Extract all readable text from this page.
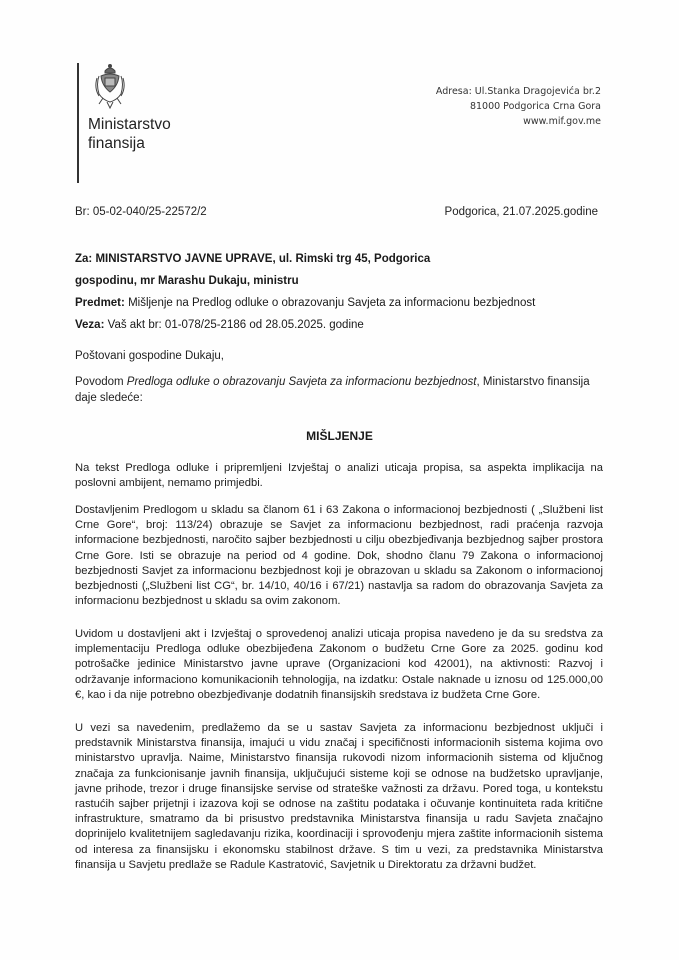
Ministarstvo
finansija
Adresa: Ul.Stanka Dragojevića br.2
81000 Podgorica Crna Gora
www.mif.gov.me
Br: 05-02-040/25-22572/2	Podgorica, 21.07.2025.godine
Za: MINISTARSTVO JAVNE UPRAVE, ul. Rimski trg 45, Podgorica
gospodinu, mr Marashu Dukaju, ministru
Predmet: Mišljenje na Predlog odluke o obrazovanju Savjeta za informacionu bezbjednost
Veza: Vaš akt br: 01-078/25-2186 od 28.05.2025. godine
Poštovani gospodine Dukaju,
Povodom Predloga odluke o obrazovanju Savjeta za informacionu bezbjednost, Ministarstvo finansija daje sledeće:
MIŠLJENJE
Na tekst Predloga odluke i pripremljeni Izvještaj o analizi uticaja propisa, sa aspekta implikacija na poslovni ambijent, nemamo primjedbi.
Dostavljenim Predlogom u skladu sa članom 61 i 63 Zakona o informacionoj bezbjednosti ( „Službeni list Crne Gore“, broj: 113/24) obrazuje se Savjet za informacionu bezbjednost, radi praćenja razvoja informacione bezbjednosti, naročito sajber bezbjednosti u cilju obezbjeđivanja bezbjednog sajber prostora Crne Gore. Isti se obrazuje na period od 4 godine. Dok, shodno članu 79 Zakona o informacionoj bezbjednosti Savjet za informacionu bezbjednost koji je obrazovan u skladu sa Zakonom o informacionoj bezbjednosti („Službeni list CG“, br. 14/10, 40/16 i 67/21) nastavlja sa radom do obrazovanja Savjeta za informacionu bezbjednost u skladu sa ovim zakonom.
Uvidom u dostavljeni akt i Izvještaj o sprovedenoj analizi uticaja propisa navedeno je da su sredstva za implementaciju Predloga odluke obezbijeđena Zakonom o budžetu Crne Gore za 2025. godinu kod potrošačke jedinice Ministarstvo javne uprave (Organizacioni kod 42001), na aktivnosti: Razvoj i održavanje informaciono komunikacionih tehnologija, na izdatku: Ostale naknade u iznosu od 125.000,00 €, kao i da nije potrebno obezbjeđivanje dodatnih finansijskih sredstava iz budžeta Crne Gore.
U vezi sa navedenim, predlažemo da se u sastav Savjeta za informacionu bezbjednost uključi i predstavnik Ministarstva finansija, imajući u vidu značaj i specifičnosti informacionih sistema kojima ovo ministarstvo upravlja. Naime, Ministarstvo finansija rukovodi nizom informacionih sistema od ključnog značaja za funkcionisanje javnih finansija, uključujući sisteme koji se odnose na budžetsko upravljanje, javne prihode, trezor i druge finansijske servise od strateške važnosti za državu. Pored toga, u kontekstu rastućih sajber prijetnji i izazova koji se odnose na zaštitu podataka i očuvanje kontinuiteta rada kritične infrastrukture, smatramo da bi prisustvo predstavnika Ministarstva finansija u radu Savjeta značajno doprinijelo kvalitetnijem sagledavanju rizika, koordinaciji i sprovođenju mjera zaštite informacionih sistema od interesa za finansijsku i ekonomsku stabilnost države. S tim u vezi, za predstavnika Ministarstva finansija u Savjetu predlaže se Radule Kastratović, Savjetnik u Direktoratu za državni budžet.
